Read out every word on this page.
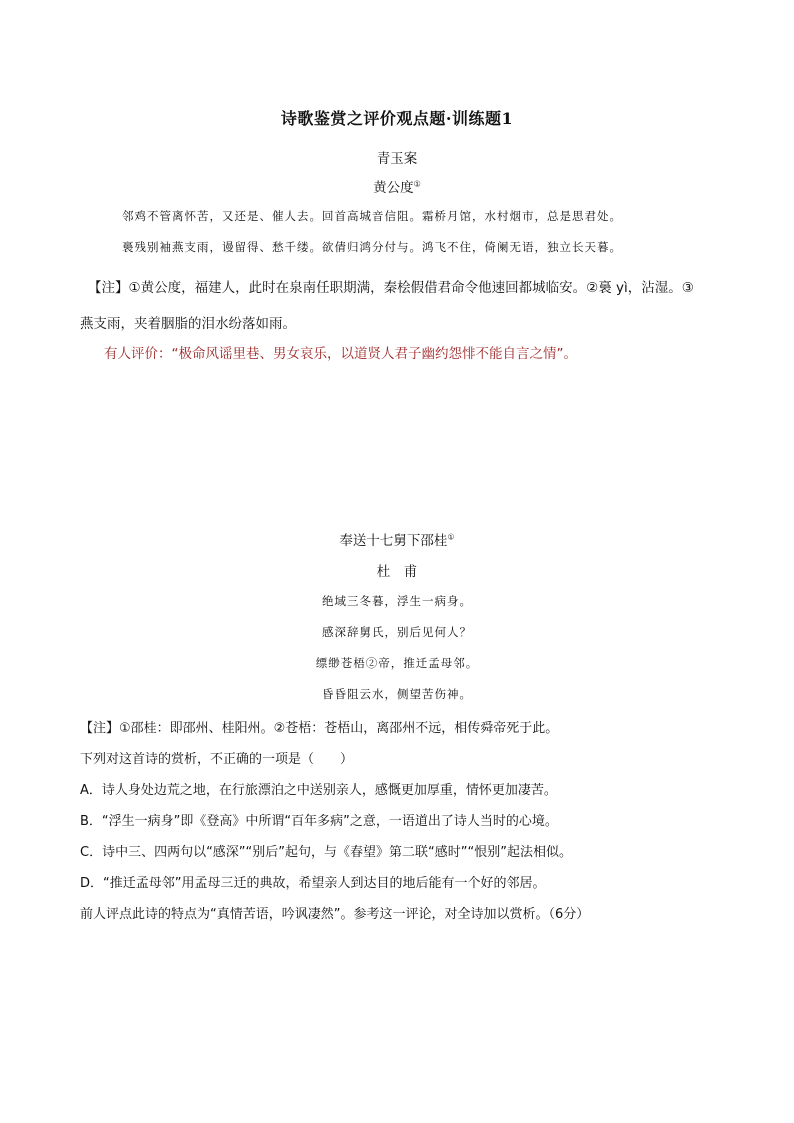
诗歌鉴赏之评价观点题·训练题1
青玉案
黄公度①
邻鸡不管离怀苦，又还是、催人去。回首高城音信阻。霜桥月馆，水村烟市，总是思君处。
裛残别袖燕支雨，谩留得、愁千缕。欲倩归鸿分付与。鸿飞不住，倚阑无语，独立长天暮。
【注】①黄公度，福建人，此时在泉南任职期满，秦桧假借君命令他速回都城临安。②裛 yì，沾湿。③
燕支雨，夹着胭脂的泪水纷落如雨。
有人评价：“极命风谣里巷、男女哀乐，以道贤人君子幽约怨悱不能自言之情”。
奉送十七舅下邵桂①
杜　甫
绝域三冬暮，浮生一病身。
感深辞舅氏，别后见何人？
缥缈苍梧②帝，推迁孟母邻。
昏昏阻云水，侧望苦伤神。
【注】①邵桂：即邵州、桂阳州。②苍梧：苍梧山，离邵州不远，相传舜帝死于此。
下列对这首诗的赏析，不正确的一项是（　　）
A．诗人身处边荒之地，在行旅漂泊之中送别亲人，感慨更加厚重，情怀更加凄苦。
B．“浮生一病身”即《登高》中所谓“百年多病”之意，一语道出了诗人当时的心境。
C．诗中三、四两句以“感深”“别后”起句，与《春望》第二联“感时”“恨别”起法相似。
D．“推迁孟母邻”用孟母三迁的典故，希望亲人到达目的地后能有一个好的邻居。
前人评点此诗的特点为“真情苦语，吟讽凄然”。参考这一评论，对全诗加以赏析。（6分）
